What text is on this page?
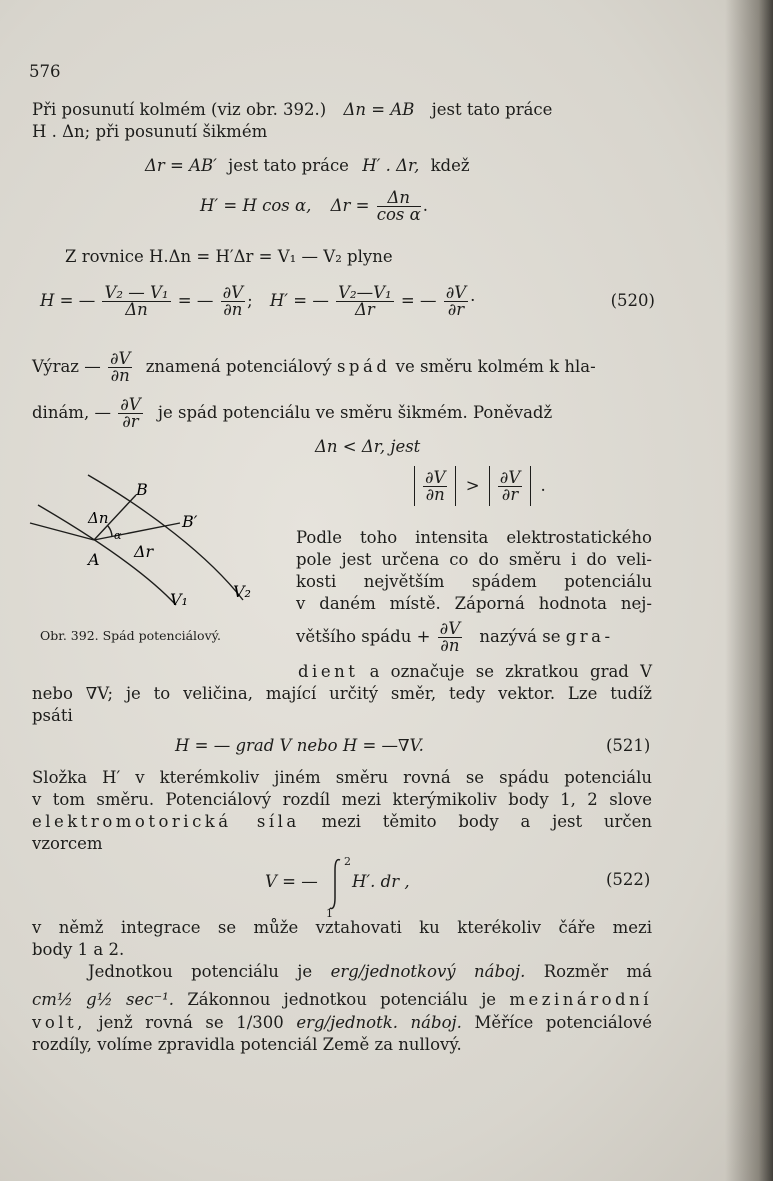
576
Při posunutí kolmém (viz obr. 392.) Δn = AB jest tato práce
H . Δn; při posunutí šikmém
Δr = AB′ jest tato práce H′ . Δr, kdež
H′ = H cos α, $\Delta r = \frac{\Delta n}{\text{cos α}}$ .
Z rovnice H.Δn = H′Δr = V₁ — V₂ plyne
H = — $\frac{\text{V₂ — V₁}}{\Delta n}$ = — $\frac{\partial V}{\partial n}$ ; H′ = — $\frac{\text{V₂—V₁}}{\Delta r}$ = — $\frac{\partial V}{\partial r}$ ·	(520)
Výraz — $\frac{\partial V}{\partial n}$ znamená potenciálový spád ve směru kolmém k hla-
dinám, — $\frac{\partial V}{\partial r}$ je spád potenciálu ve směru šikmém. Poněvadž
Δn < Δr, jest
$\frac{\partial V}{\partial n} > \frac{\partial V}{\partial r}$ .
B
B′
Δn
α
Δr
A
V₁	V₂
Obr. 392. Spád potenciálový.
Podle toho intensita elektrostatického
pole jest určena co do směru i do veli-
kosti největším spádem potenciálu
v daném místě. Záporná hodnota nej-
většího spádu + $\frac{\partial V}{\partial n}$ nazývá se gra-
dient a označuje se zkratkou grad V
nebo ∇V; je to veličina, mající určitý směr, tedy vektor. Lze tudíž
psáti
H = — grad V nebo H = —∇V.	(521)
Složka H′ v kterémkoliv jiném směru rovná se spádu potenciálu
v tom směru. Potenciálový rozdíl mezi kterýmikoliv body 1, 2 slove
elektromotorická síla mezi těmito body a jest určen
vzorcem
V = —
2
1
H′. dr ,	(522)
v němž integrace se může vztahovati ku kterékoliv čáře mezi
body 1 a 2.
Jednotkou potenciálu je erg/jednotkový náboj. Rozměr má
cm½ g½ sec⁻¹. Zákonnou jednotkou potenciálu je mezinárodní
volt, jenž rovná se 1/300 erg/jednotk. náboj. Měříce potenciálové
rozdíly, volíme zpravidla potenciál Země za nullový.
